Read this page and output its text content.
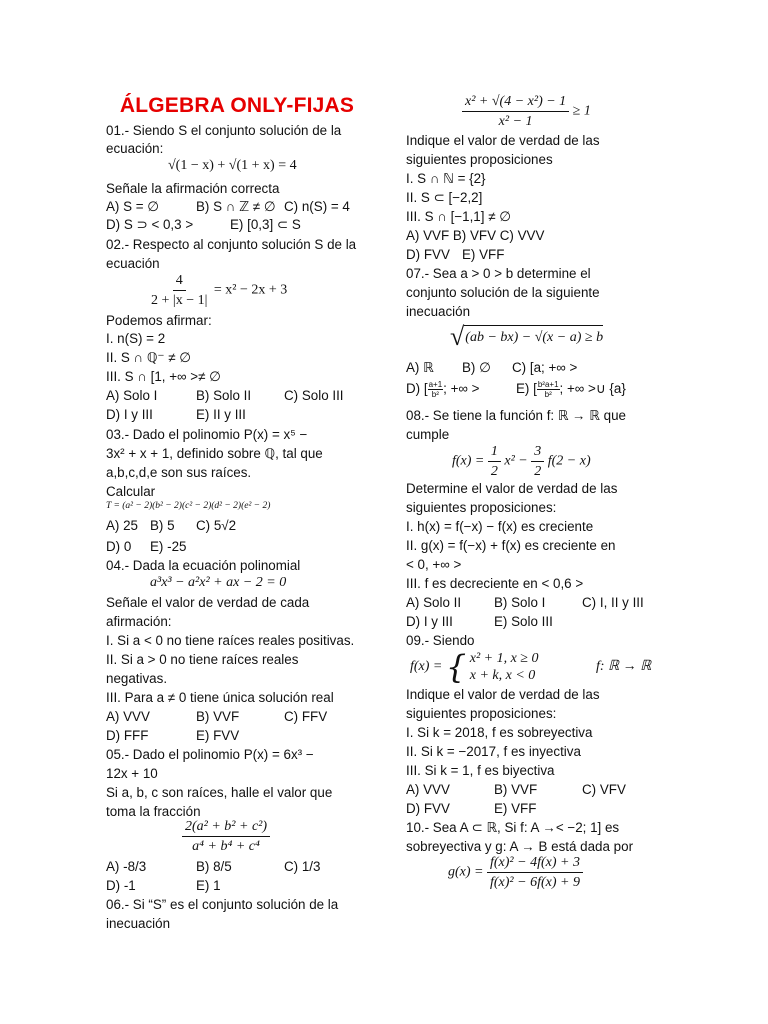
ÁLGEBRA ONLY-FIJAS
01.- Siendo S el conjunto solución de la
ecuación:
√(1 − x) + √(1 + x) = 4
Señale la afirmación correcta
A) S = ∅	B) S ∩ ℤ ≠ ∅ C) n(S) = 4
D) S ⊃ < 0,3 >	E) [0,3] ⊂ S
02.- Respecto al conjunto solución S de la
ecuación
$\frac{4}{2 + |x - 1|} = x^2 - 2x + 3$
Podemos afirmar:
I. n(S) = 2
II. S ∩ ℚ⁻ ≠ ∅
III. S ∩ [1, +∞ >≠ ∅
A) Solo I	B) Solo II C) Solo III
D) I y III	E) II y III
03.- Dado el polinomio P(x) = x⁵ −
3x² + x + 1, definido sobre ℚ, tal que
a,b,c,d,e son sus raíces.
Calcular
T = (a² − 2)(b² − 2)(c² − 2)(d² − 2)(e² − 2)
A) 25 B) 5 C) 5√2
D) 0 E) -25
04.- Dada la ecuación polinomial
a³x³ − a²x² + ax − 2 = 0
Señale el valor de verdad de cada
afirmación:
I. Si a < 0 no tiene raíces reales positivas.
II. Si a > 0 no tiene raíces reales
negativas.
III. Para a ≠ 0 tiene única solución real
A) VVV	B) VVF	C) FFV
D) FFF	E) FVV
05.- Dado el polinomio P(x) = 6x³ −
12x + 10
Si a, b, c son raíces, halle el valor que
toma la fracción
$\frac{\text{2(a² + b² + c²)}}{\text{a⁴ + b⁴ + c⁴}}$
A) -8/3	B) 8/5	C) 1/3
D) -1	E) 1
06.- Si “S” es el conjunto solución de la
inecuación
$\frac{\text{x² + √(4 − x²) − 1}}{\text{x² − 1}} \ge 1$
Indique el valor de verdad de las
siguientes proposiciones
I. S ∩ ℕ = {2}
II. S ⊂ [−2,2]
III. S ∩ [−1,1] ≠ ∅
A) VVF B) VFV C) VVV
D) FVV E) VFF
07.- Sea a > 0 > b determine el
conjunto solución de la siguiente
inecuación
√(ab − bx) − √(x − a) ≥ b
A) ℝ B) ∅ C) [a; +∞ >
D) [ $\frac{a+1}{\text{b²}}$ ; +∞ >	E) [ $\frac{\text{b²a+1}}{\text{b²}}$ ; +∞ >∪ {a}
08.- Se tiene la función f: ℝ → ℝ que
cumple
$f(x) = \frac{1}{2} x^2 - \frac{3}{2} f(2 - x)$
Determine el valor de verdad de las
siguientes proposiciones:
I. h(x) = f(−x) − f(x) es creciente
II. g(x) = f(−x) + f(x) es creciente en
< 0, +∞ >
III. f es decreciente en < 0,6 >
A) Solo II B) Solo I	C) I, II y III
D) I y III	E) Solo III
09.- Siendo
f(x) = { x² + 1, x ≥ 0
x + k, x < 0
f: ℝ → ℝ
Indique el valor de verdad de las
siguientes proposiciones:
I. Si k = 2018, f es sobreyectiva
II. Si k = −2017, f es inyectiva
III. Si k = 1, f es biyectiva
A) VVV	B) VVF	C) VFV
D) FVV	E) VFF
10.- Sea A ⊂ ℝ, Si f: A →< −2; 1] es
sobreyectiva y g: A → B está dada por
$g(x) = \frac{\text{f(x)² − 4f(x) + 3}}{\text{f(x)² − 6f(x) + 9}}$
